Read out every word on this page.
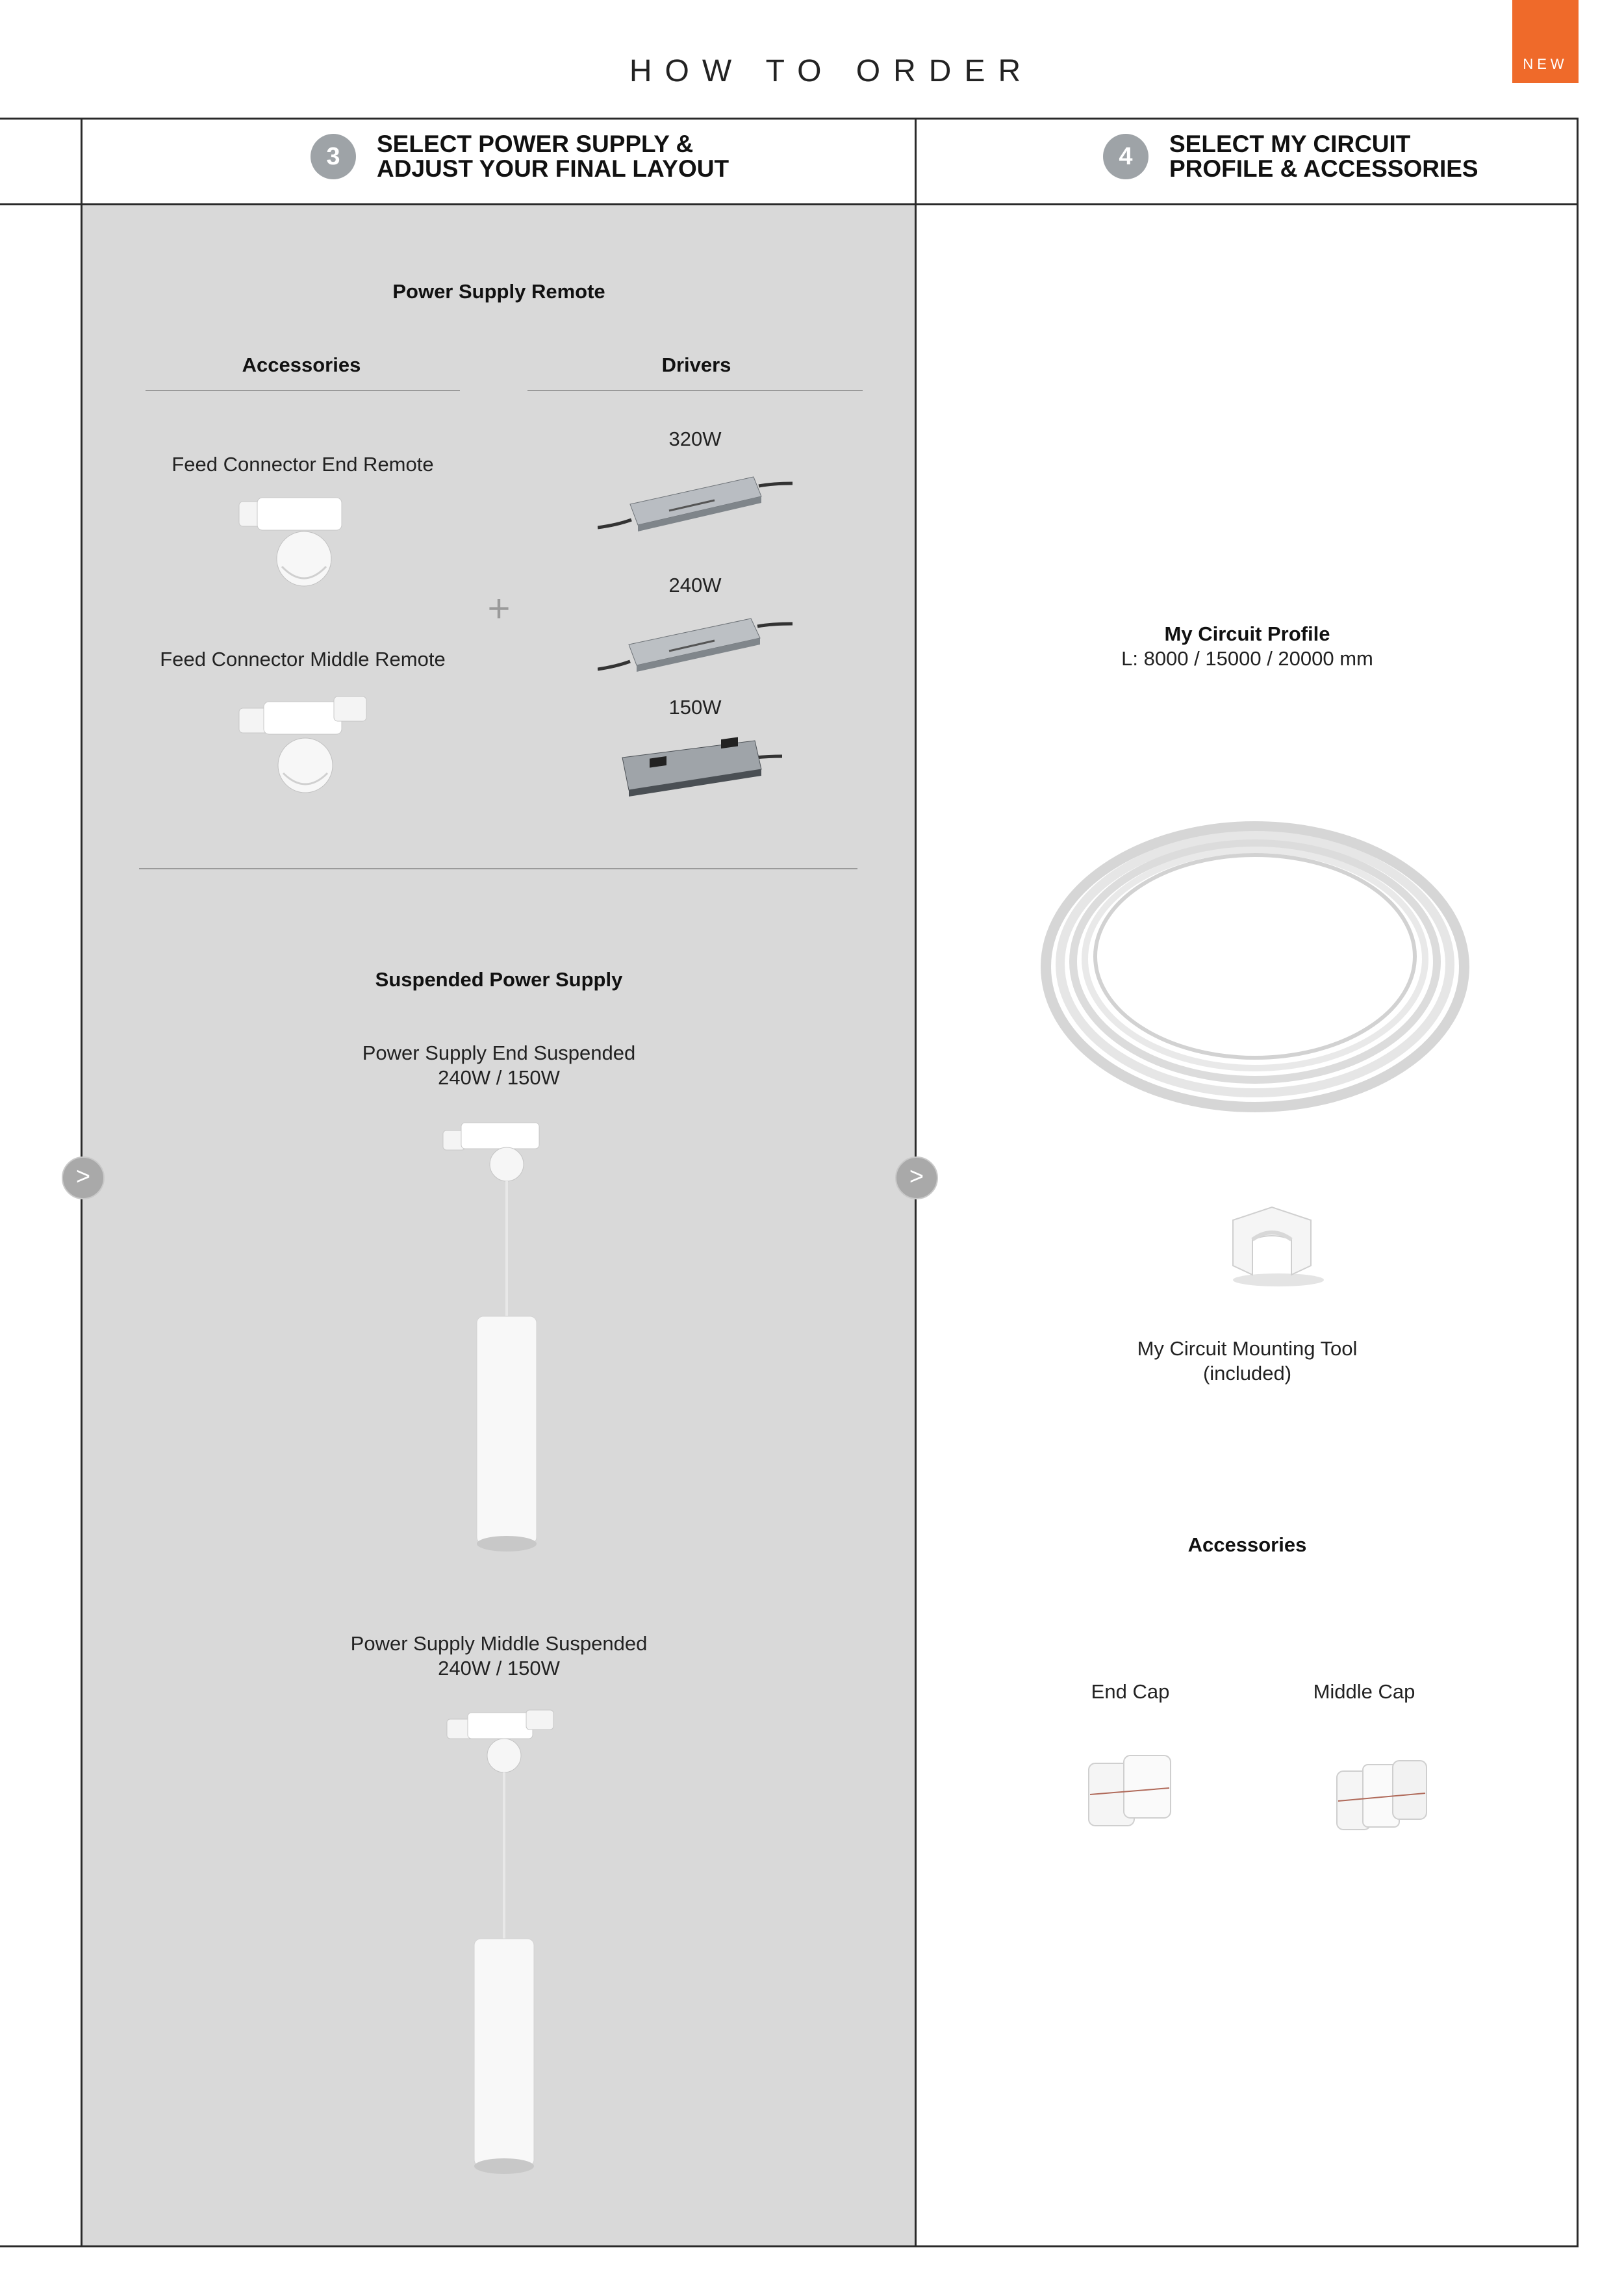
HOW TO ORDER	NEW
3	SELECT POWER SUPPLY &
ADJUST YOUR FINAL LAYOUT	4	SELECT MY CIRCUIT
PROFILE & ACCESSORIES
Power Supply Remote
Accessories	Drivers
Feed Connector End Remote
+
Feed Connector Middle Remote
320W
240W
150W
Suspended Power Supply
Power Supply End Suspended
240W / 150W
Power Supply Middle Suspended
240W / 150W
>	>
My Circuit Profile
L: 8000 / 15000 / 20000 mm
My Circuit Mounting Tool
(included)
Accessories
End Cap	Middle Cap
